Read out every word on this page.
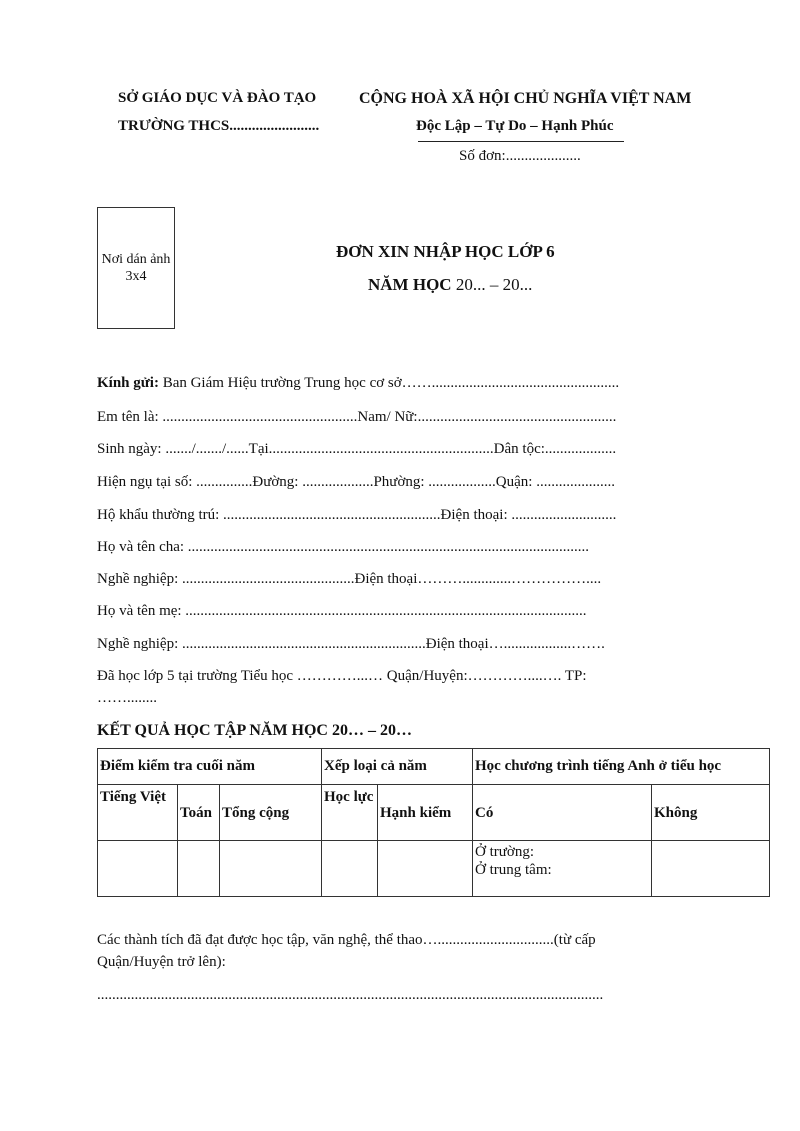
SỞ GIÁO DỤC VÀ ĐÀO TẠO
TRƯỜNG THCS........................
CỘNG HOÀ XÃ HỘI CHỦ NGHĨA VIỆT NAM
Độc Lập – Tự Do – Hạnh Phúc
Số đơn:....................
Nơi dán ảnh
3x4
ĐƠN XIN NHẬP HỌC LỚP 6
NĂM HỌC 20... – 20...
Kính gửi: Ban Giám Hiệu trường Trung học cơ sở……..................................................
Em tên là: ....................................................Nam/ Nữ:.....................................................
Sinh ngày: ......./......./......Tại............................................................Dân tộc:...................
Hiện ngụ tại số: ...............Đường: ...................Phường: ..................Quận: .....................
Hộ khẩu thường trú: ..........................................................Điện thoại: ............................
Họ và tên cha: ...........................................................................................................
Nghề nghiệp: ..............................................Điện thoại……….............……………....
Họ và tên mẹ: ...........................................................................................................
Nghề nghiệp: .................................................................Điện thoại…..................…….
Đã học lớp 5 tại trường Tiểu học …………...… Quận/Huyện:…………....…. TP:
……........
KẾT QUẢ HỌC TẬP NĂM HỌC 20… – 20…
Điểm kiểm tra cuối năm			Xếp loại cả năm		Học chương trình tiếng Anh ở tiểu học	
Tiếng Việt	Toán	Tổng cộng	Học lực	Hạnh kiểm	Có	Không

					Ở trường:
Ở trung tâm:	

Các thành tích đã đạt được học tập, văn nghệ, thể thao…...............................(từ cấp
Quận/Huyện trở lên):
.......................................................................................................................................
